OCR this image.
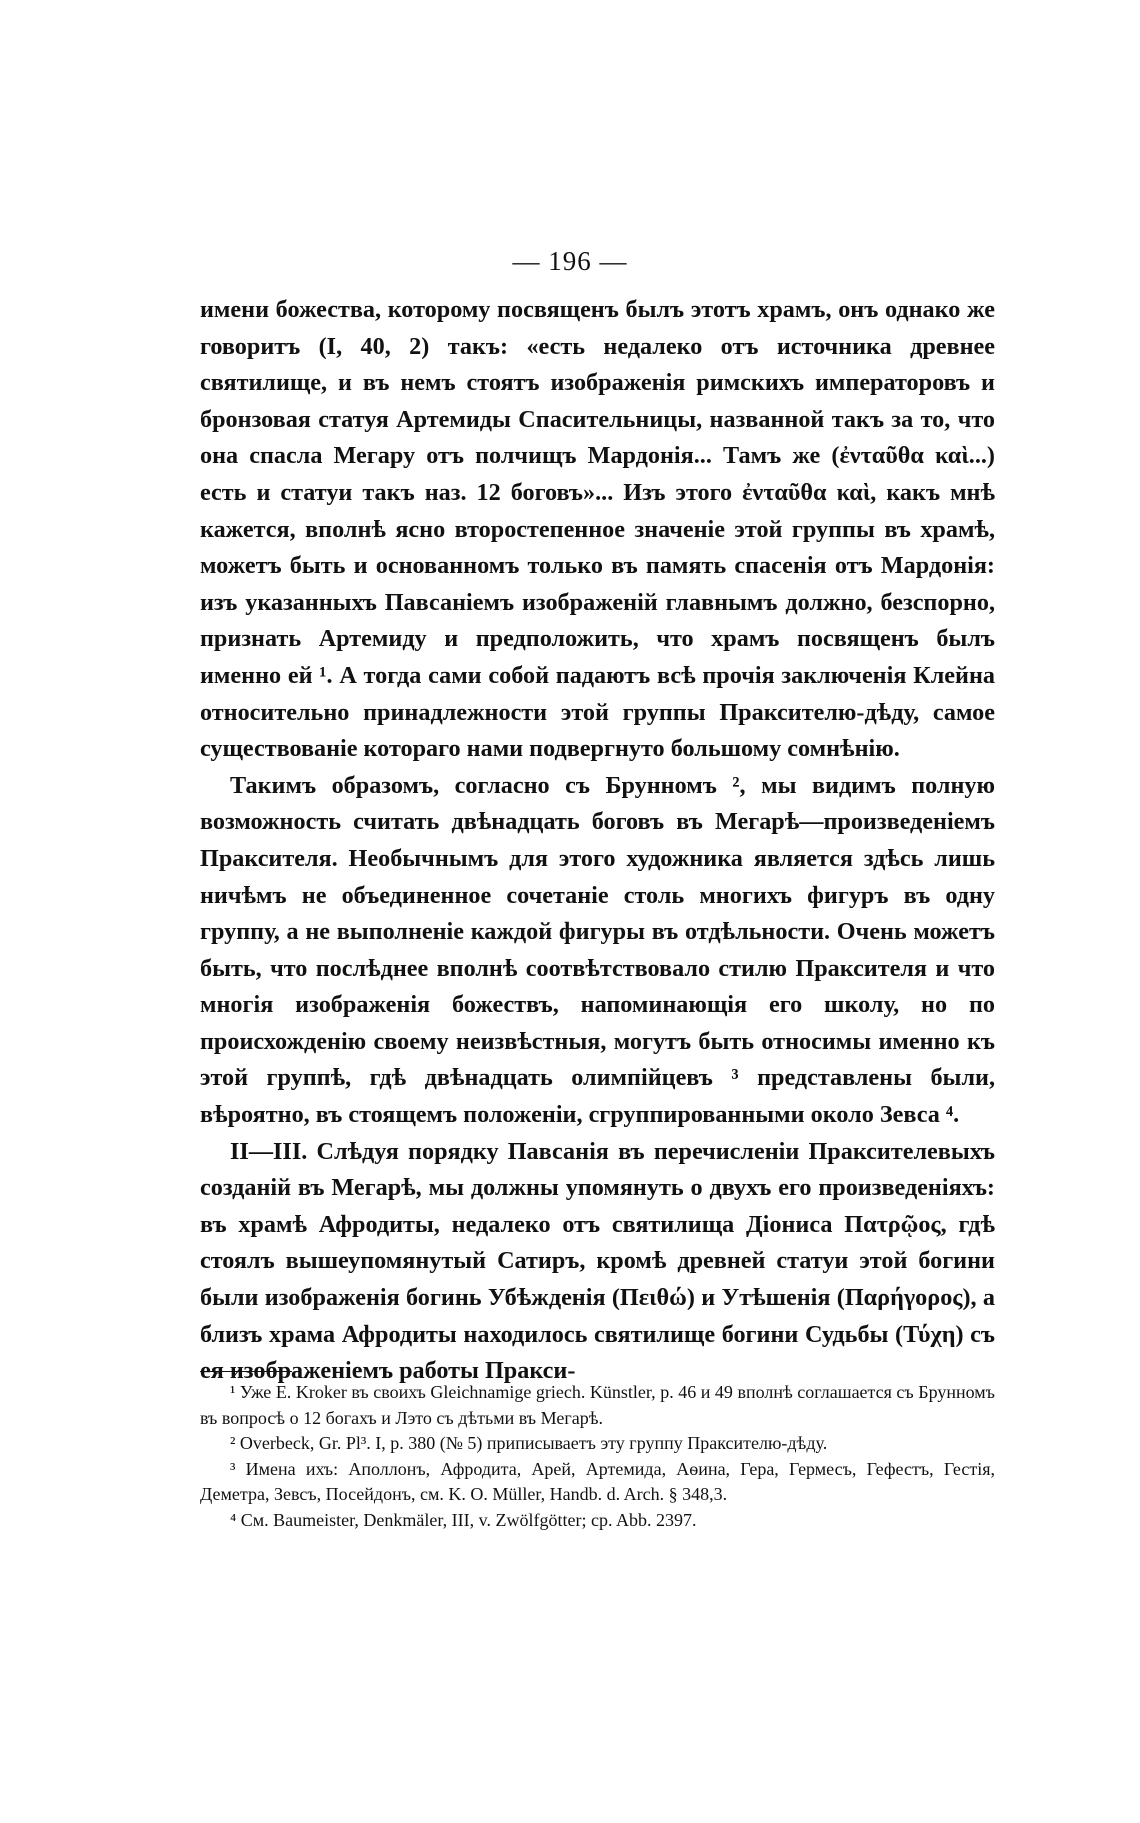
— 196 —

имени божества, которому посвященъ былъ этотъ храмъ, онъ однако же говоритъ (I, 40, 2) такъ: «есть недалеко отъ источника древнее святилище, и въ немъ стоятъ изображенія римскихъ императоровъ и бронзовая статуя Артемиды Спасительницы, названной такъ за то, что она спасла Мегару отъ полчищъ Мардонія... Тамъ же (ἐνταῦθα καὶ...) есть и статуи такъ наз. 12 боговъ»... Изъ этого ἐνταῦθα καὶ, какъ мнѣ кажется, вполнѣ ясно второстепенное значеніе этой группы въ храмѣ, можетъ быть и основанномъ только въ память спасенія отъ Мардонія: изъ указанныхъ Павсаніемъ изображеній главнымъ должно, безспорно, признать Артемиду и предположить, что храмъ посвященъ былъ именно ей ¹. А тогда сами собой падаютъ всѣ прочія заключенія Клейна относительно принадлежности этой группы Праксителю-дѣду, самое существованіе котораго нами подвергнуто большому сомнѣнію.

Такимъ образомъ, согласно съ Брунномъ ², мы видимъ полную возможность считать двѣнадцать боговъ въ Мегарѣ—произведеніемъ Праксителя. Необычнымъ для этого художника является здѣсь лишь ничѣмъ не объединенное сочетаніе столь многихъ фигуръ въ одну группу, а не выполненіе каждой фигуры въ отдѣльности. Очень можетъ быть, что послѣднее вполнѣ соотвѣтствовало стилю Праксителя и что многія изображенія божествъ, напоминающія его школу, но по происхожденію своему неизвѣстныя, могутъ быть относимы именно къ этой группѣ, гдѣ двѣнадцать олимпійцевъ ³ представлены были, вѣроятно, въ стоящемъ положеніи, сгруппированными около Зевса ⁴.

II—III. Слѣдуя порядку Павсанія въ перечисленіи Праксителевыхъ созданій въ Мегарѣ, мы должны упомянуть о двухъ его произведеніяхъ: въ храмѣ Афродиты, недалеко отъ святилища Діониса Πατρῷος, гдѣ стоялъ вышеупомянутый Сатиръ, кромѣ древней статуи этой богини были изображенія богинь Убѣжденія (Πειθώ) и Утѣшенія (Παρήγορος), а близъ храма Афродиты находилось святилище богини Судьбы (Τύχη) съ ея изображеніемъ работы Пракси-

¹ Уже E. Kroker въ своихъ Gleichnamige griech. Künstler, p. 46 и 49 вполнѣ соглашается съ Брунномъ въ вопросѣ о 12 богахъ и Лэто съ дѣтьми въ Мегарѣ.

² Overbeck, Gr. Pl³. I, p. 380 (№ 5) приписываетъ эту группу Праксителю-дѣду.

³ Имена ихъ: Аполлонъ, Афродита, Арей, Артемида, Аѳина, Гера, Гермесъ, Гефестъ, Гестія, Деметра, Зевсъ, Посейдонъ, см. K. O. Müller, Handb. d. Arch. § 348,3.

⁴ См. Baumeister, Denkmäler, III, v. Zwölfgötter; cp. Abb. 2397.
